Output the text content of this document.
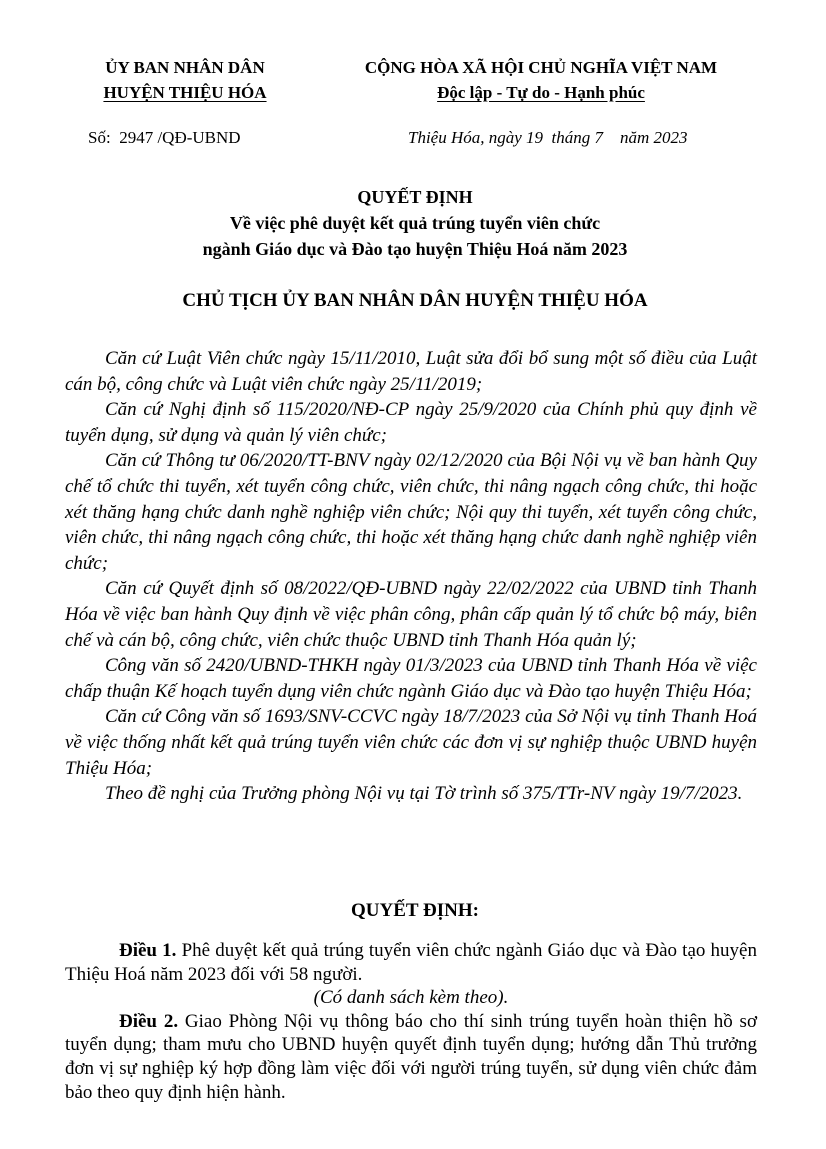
ỦY BAN NHÂN DÂN
HUYỆN THIỆU HÓA
CỘNG HÒA XÃ HỘI CHỦ NGHĨA VIỆT NAM
Độc lập - Tự do - Hạnh phúc
Số: 2947 /QĐ-UBND	Thiệu Hóa, ngày 19  tháng 7    năm 2023
QUYẾT ĐỊNH
Về việc phê duyệt kết quả trúng tuyển viên chức
ngành Giáo dục và Đào tạo huyện Thiệu Hoá năm 2023
CHỦ TỊCH ỦY BAN NHÂN DÂN HUYỆN THIỆU HÓA

Căn cứ Luật Viên chức ngày 15/11/2010, Luật sửa đổi bổ sung một số điều của Luật cán bộ, công chức và Luật viên chức ngày 25/11/2019;

Căn cứ Nghị định số 115/2020/NĐ-CP ngày 25/9/2020 của Chính phủ quy định về tuyển dụng, sử dụng và quản lý viên chức;

Căn cứ Thông tư 06/2020/TT-BNV ngày 02/12/2020 của Bội Nội vụ về ban hành Quy chế tổ chức thi tuyển, xét tuyển công chức, viên chức, thi nâng ngạch công chức, thi hoặc xét thăng hạng chức danh nghề nghiệp viên chức; Nội quy thi tuyển, xét tuyển công chức, viên chức, thi nâng ngạch công chức, thi hoặc xét thăng hạng chức danh nghề nghiệp viên chức;

Căn cứ Quyết định số 08/2022/QĐ-UBND ngày 22/02/2022 của UBND tỉnh Thanh Hóa về việc ban hành Quy định về việc phân công, phân cấp quản lý tổ chức bộ máy, biên chế và cán bộ, công chức, viên chức thuộc UBND tỉnh Thanh Hóa quản lý;

Công văn số 2420/UBND-THKH ngày 01/3/2023 của UBND tỉnh Thanh Hóa về việc chấp thuận Kế hoạch tuyển dụng viên chức ngành Giáo dục và Đào tạo huyện Thiệu Hóa;

Căn cứ Công văn số 1693/SNV-CCVC ngày 18/7/2023 của Sở Nội vụ tỉnh Thanh Hoá về việc thống nhất kết quả trúng tuyển viên chức các đơn vị sự nghiệp thuộc UBND huyện Thiệu Hóa;

Theo đề nghị của Trưởng phòng Nội vụ tại Tờ trình số 375/TTr-NV ngày 19/7/2023.

QUYẾT ĐỊNH:

Điều 1. Phê duyệt kết quả trúng tuyển viên chức ngành Giáo dục và Đào tạo huyện Thiệu Hoá năm 2023 đối với 58 người.

(Có danh sách kèm theo).

Điều 2. Giao Phòng Nội vụ thông báo cho thí sinh trúng tuyển hoàn thiện hồ sơ tuyển dụng; tham mưu cho UBND huyện quyết định tuyển dụng; hướng dẫn Thủ trưởng đơn vị sự nghiệp ký hợp đồng làm việc đối với người trúng tuyển, sử dụng viên chức đảm bảo theo quy định hiện hành.
